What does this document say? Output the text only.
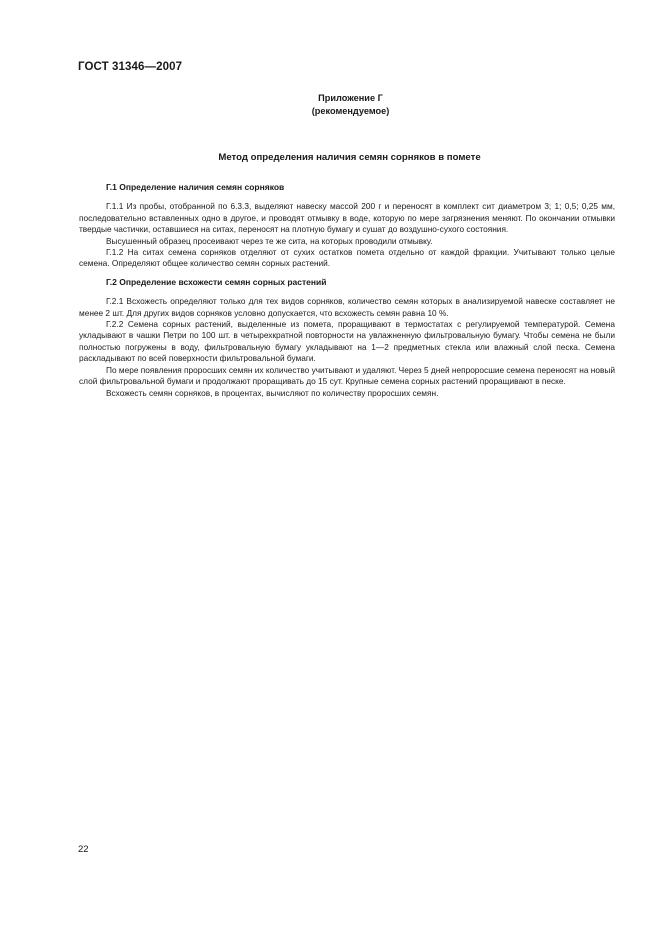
ГОСТ 31346—2007
Приложение Г
(рекомендуемое)
Метод определения наличия семян сорняков в помете

Г.1 Определение наличия семян сорняков

Г.1.1 Из пробы, отобранной по 6.3.3, выделяют навеску массой 200 г и переносят в комплект сит диаметром 3; 1; 0,5; 0,25 мм, последовательно вставленных одно в другое, и проводят отмывку в воде, которую по мере загрязнения меняют. По окончании отмывки твердые частички, оставшиеся на ситах, переносят на плотную бумагу и сушат до воздушно-сухого состояния.

Высушенный образец просеивают через те же сита, на которых проводили отмывку.

Г.1.2 На ситах семена сорняков отделяют от сухих остатков помета отдельно от каждой фракции. Учитывают только целые семена. Определяют общее количество семян сорных растений.

Г.2 Определение всхожести семян сорных растений

Г.2.1 Всхожесть определяют только для тех видов сорняков, количество семян которых в анализируемой навеске составляет не менее 2 шт. Для других видов сорняков условно допускается, что всхожесть семян равна 10 %.

Г.2.2 Семена сорных растений, выделенные из помета, проращивают в термостатах с регулируемой температурой. Семена укладывают в чашки Петри по 100 шт. в четырехкратной повторности на увлажненную фильтровальную бумагу. Чтобы семена не были полностью погружены в воду, фильтровальную бумагу укладывают на 1—2 предметных стекла или влажный слой песка. Семена раскладывают по всей поверхности фильтровальной бумаги.

По мере появления проросших семян их количество учитывают и удаляют. Через 5 дней непроросшие семена переносят на новый слой фильтровальной бумаги и продолжают проращивать до 15 сут. Крупные семена сорных растений проращивают в песке.

Всхожесть семян сорняков, в процентах, вычисляют по количеству проросших семян.

22
